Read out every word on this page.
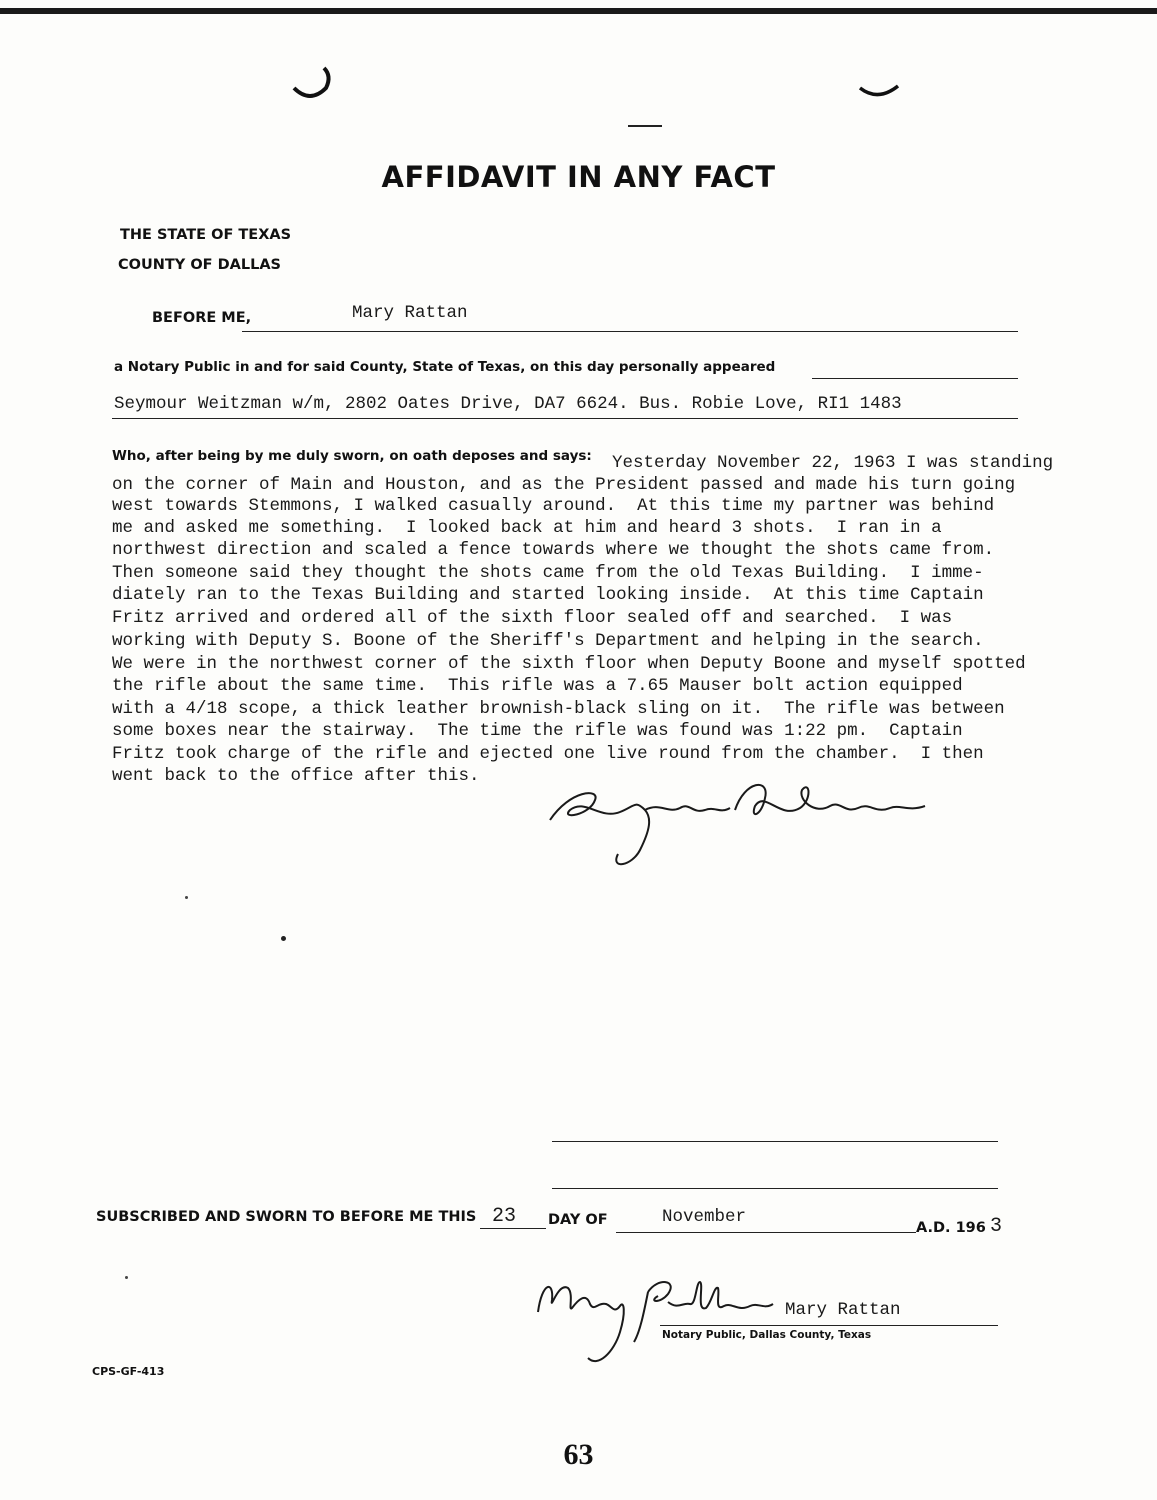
AFFIDAVIT IN ANY FACT
THE STATE OF TEXAS
COUNTY OF DALLAS
BEFORE ME,	Mary Rattan
a Notary Public in and for said County, State of Texas, on this day personally appeared
Seymour Weitzman w/m, 2802 Oates Drive, DA7 6624. Bus. Robie Love, RI1 1483
Who, after being by me duly sworn, on oath deposes and says: Yesterday November 22, 1963 I was standing
on the corner of Main and Houston, and as the President passed and made his turn going
west towards Stemmons, I walked casually around.  At this time my partner was behind
me and asked me something.  I looked back at him and heard 3 shots.  I ran in a
northwest direction and scaled a fence towards where we thought the shots came from.
Then someone said they thought the shots came from the old Texas Building.  I imme-
diately ran to the Texas Building and started looking inside.  At this time Captain
Fritz arrived and ordered all of the sixth floor sealed off and searched.  I was
working with Deputy S. Boone of the Sheriff's Department and helping in the search.
We were in the northwest corner of the sixth floor when Deputy Boone and myself spotted
the rifle about the same time.  This rifle was a 7.65 Mauser bolt action equipped
with a 4/18 scope, a thick leather brownish-black sling on it.  The rifle was between
some boxes near the stairway.  The time the rifle was found was 1:22 pm.  Captain
Fritz took charge of the rifle and ejected one live round from the chamber.  I then
went back to the office after this.
SUBSCRIBED AND SWORN TO BEFORE ME THIS 23 DAY OF	November
A.D. 196 3
Mary Rattan
Notary Public, Dallas County, Texas
CPS-GF-413
63
